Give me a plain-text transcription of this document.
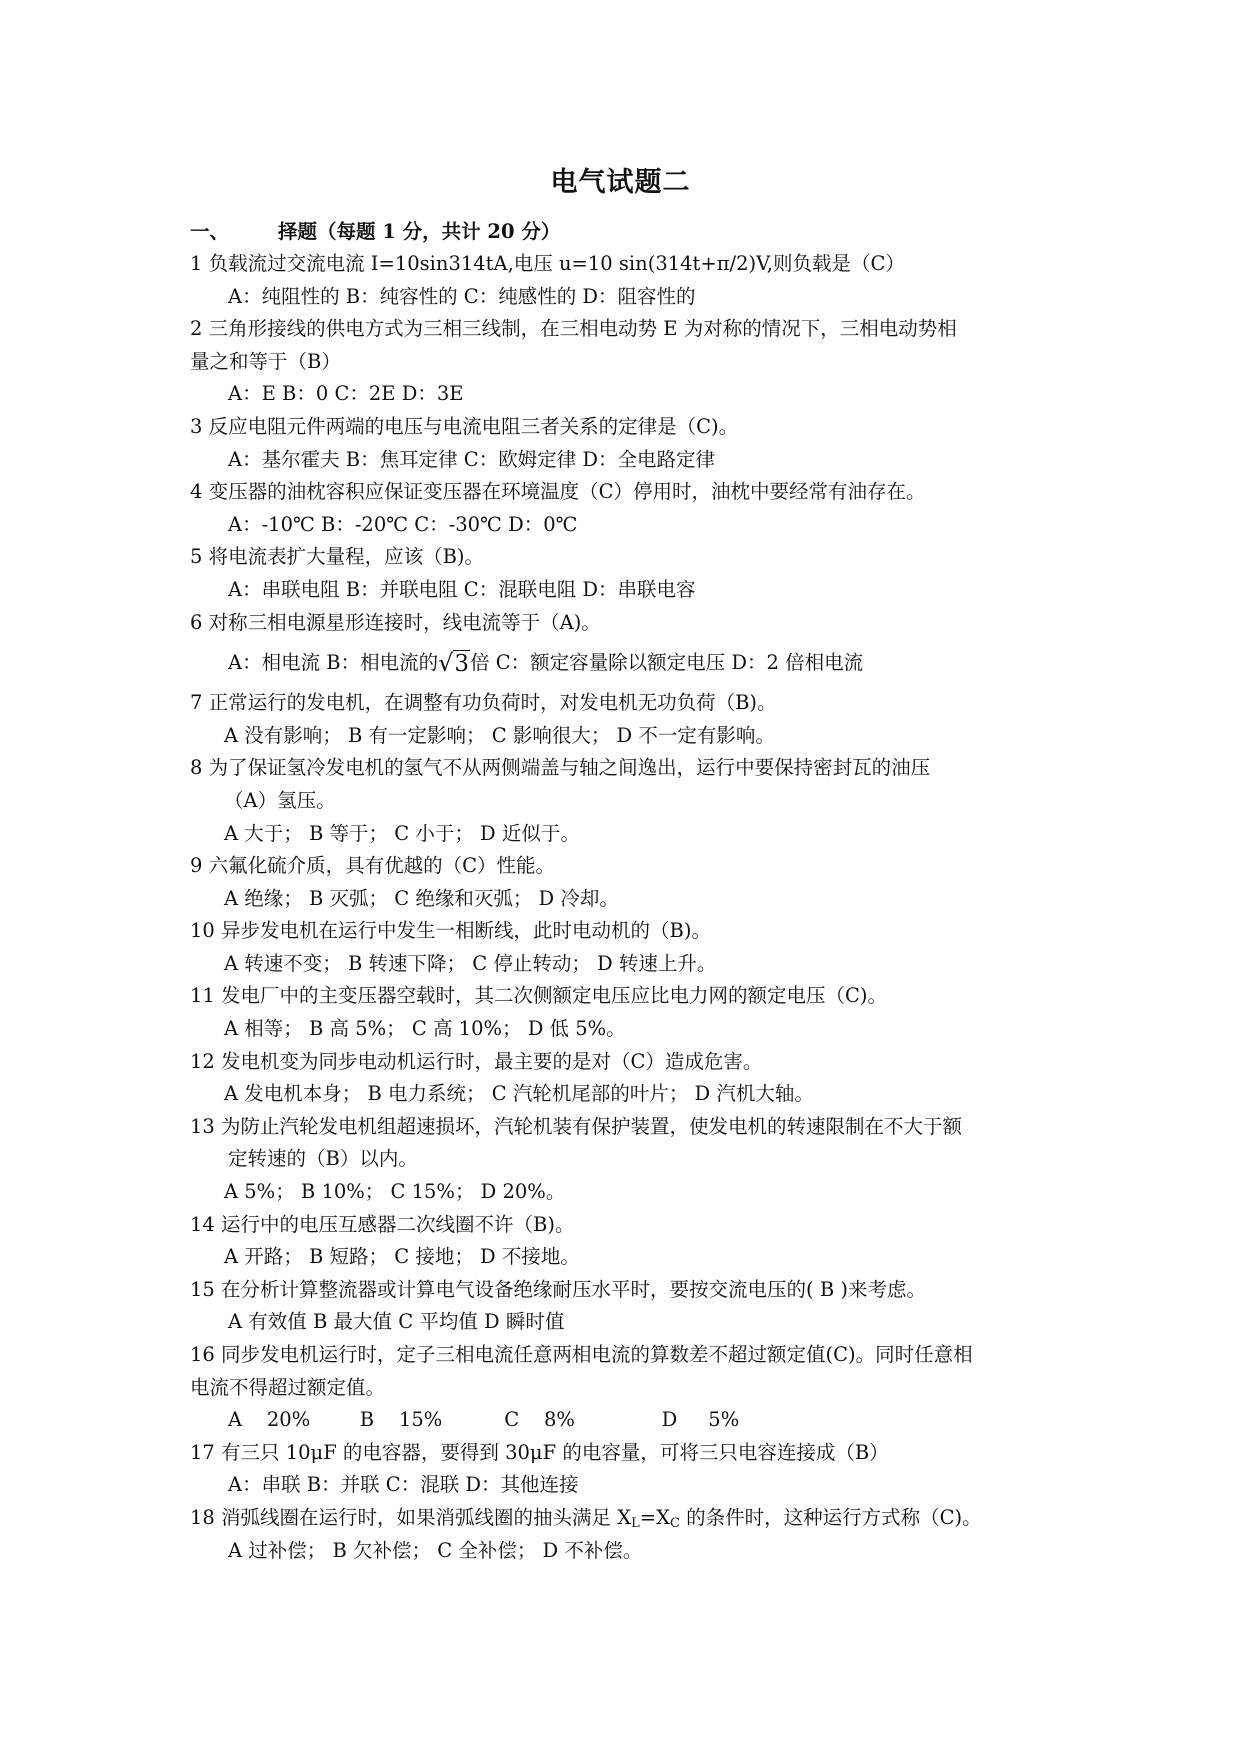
电气试题二
一、	择题（每题 1 分，共计 20 分）
1 负载流过交流电流 I=10sin314tA,电压 u=10 sin(314t+π/2)V,则负载是（C）
A：纯阻性的 B：纯容性的 C：纯感性的 D：阻容性的
2 三角形接线的供电方式为三相三线制，在三相电动势 E 为对称的情况下，三相电动势相
量之和等于（B）
A：E B：0 C：2E D：3E
3 反应电阻元件两端的电压与电流电阻三者关系的定律是（C)。
A：基尔霍夫 B：焦耳定律 C：欧姆定律 D：全电路定律
4 变压器的油枕容积应保证变压器在环境温度（C）停用时，油枕中要经常有油存在。
A：-10℃ B：-20℃ C：-30℃ D：0℃
5 将电流表扩大量程，应该（B)。
A：串联电阻 B：并联电阻 C：混联电阻 D：串联电容
6 对称三相电源星形连接时，线电流等于（A)。
A：相电流 B：相电流的√3倍 C：额定容量除以额定电压 D：2 倍相电流
7 正常运行的发电机，在调整有功负荷时，对发电机无功负荷（B)。
A 没有影响； B 有一定影响； C 影响很大； D 不一定有影响。
8 为了保证氢冷发电机的氢气不从两侧端盖与轴之间逸出，运行中要保持密封瓦的油压
（A）氢压。
A 大于； B 等于； C 小于； D 近似于。
9 六氟化硫介质，具有优越的（C）性能。
A 绝缘； B 灭弧； C 绝缘和灭弧； D 冷却。
10 异步发电机在运行中发生一相断线，此时电动机的（B)。
A 转速不变； B 转速下降； C 停止转动； D 转速上升。
11 发电厂中的主变压器空载时，其二次侧额定电压应比电力网的额定电压（C)。
A 相等； B 高 5%； C 高 10%； D 低 5%。
12 发电机变为同步电动机运行时，最主要的是对（C）造成危害。
A 发电机本身； B 电力系统； C 汽轮机尾部的叶片； D 汽机大轴。
13 为防止汽轮发电机组超速损坏，汽轮机装有保护装置，使发电机的转速限制在不大于额
定转速的（B）以内。
A 5%； B 10%； C 15%； D 20%。
14 运行中的电压互感器二次线圈不许（B)。
A 开路； B 短路； C 接地； D 不接地。
15 在分析计算整流器或计算电气设备绝缘耐压水平时，要按交流电压的( B )来考虑。
A 有效值 B 最大值 C 平均值 D 瞬时值
16 同步发电机运行时，定子三相电流任意两相电流的算数差不超过额定值(C)。同时任意相
电流不得超过额定值。
A    20%        B    15%          C    8%              D     5%
17 有三只 10μF 的电容器，要得到 30μF 的电容量，可将三只电容连接成（B）
A：串联 B：并联 C：混联 D：其他连接
18 消弧线圈在运行时，如果消弧线圈的抽头满足 $X_L=X_C$ 的条件时，这种运行方式称（C)。
A 过补偿； B 欠补偿； C 全补偿； D 不补偿。
